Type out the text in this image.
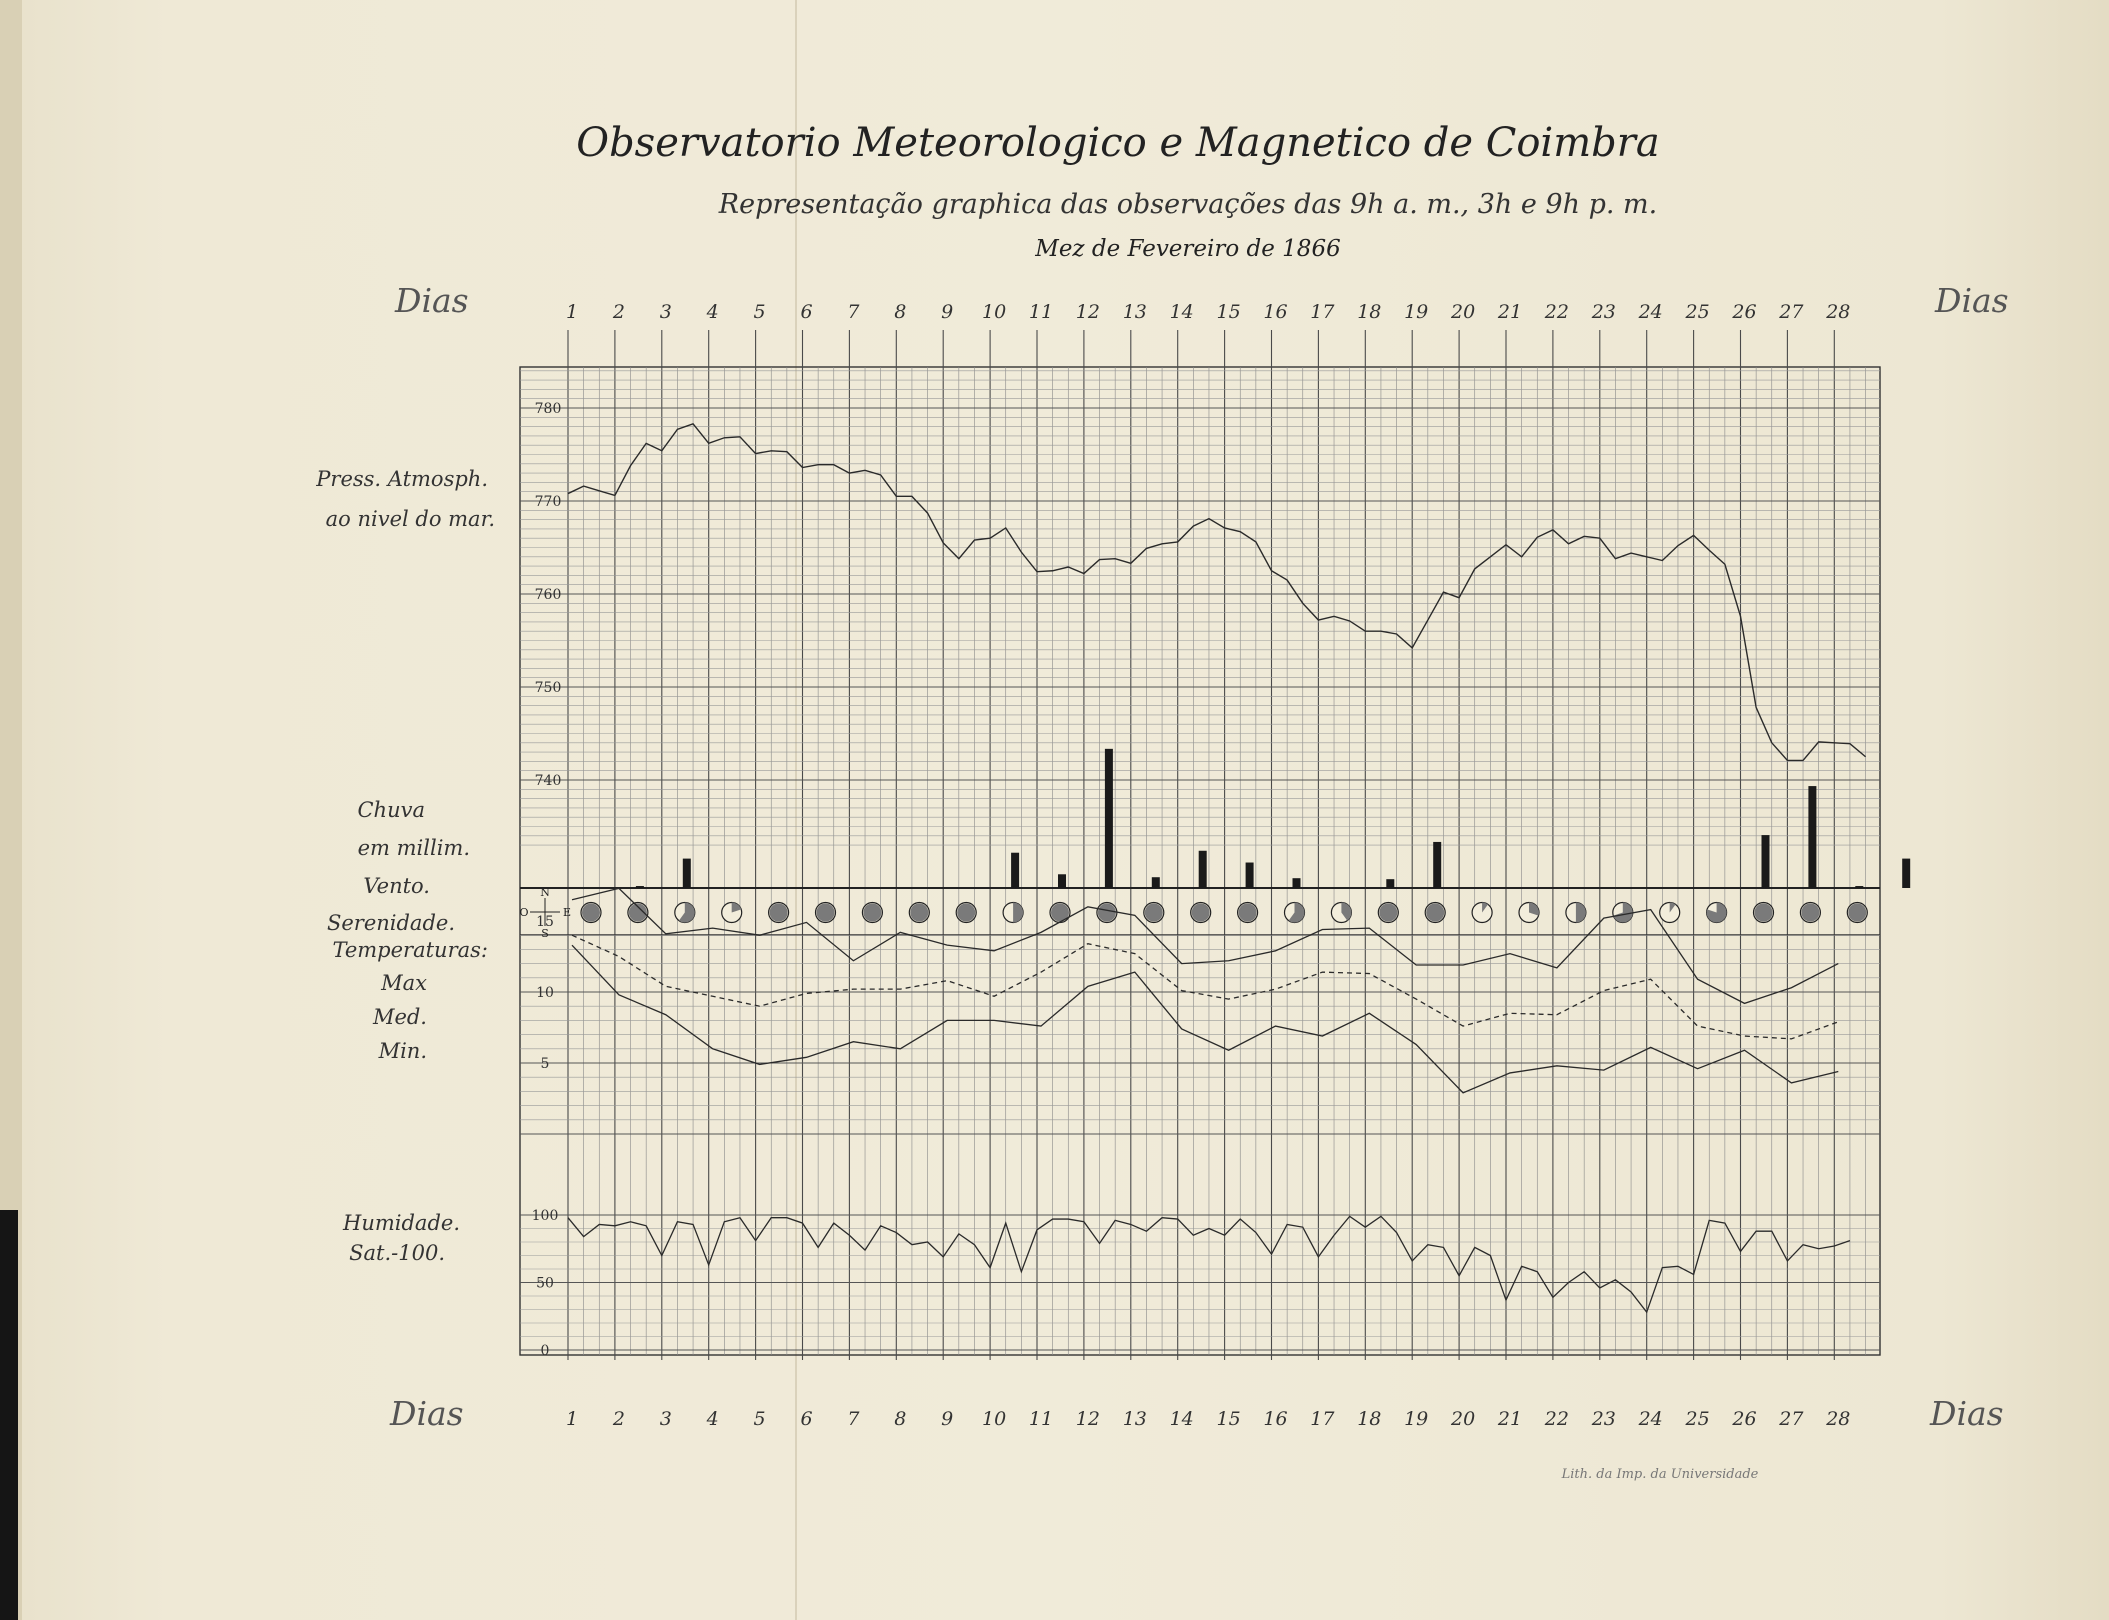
Observatorio Meteorologico e Magnetico de Coimbra
Representação graphica das observações das 9h a. m., 3h e 9h p. m.
Mez de Fevereiro de 1866
Dias	Dias
Dias	Dias
1 2 3 4 5 6 7 8 9 10 11 12 13 14 15 16 17 18 19 20 21 22 23 24 25 26 27 28
1 2 3 4 5 6 7 8 9 10 11 12 13 14 15 16 17 18 19 20 21 22 23 24 25 26 27 28
780
770
760
750
740
15
10
5
100
50
0
Press. Atmosph.
ao nivel do mar.
Chuva
em millim.
Vento.
Serenidade.
Temperaturas:
Max
Med.
Min.
Humidade.
Sat.-100.
N
S
O	E
Lith. da Imp. da Universidade
